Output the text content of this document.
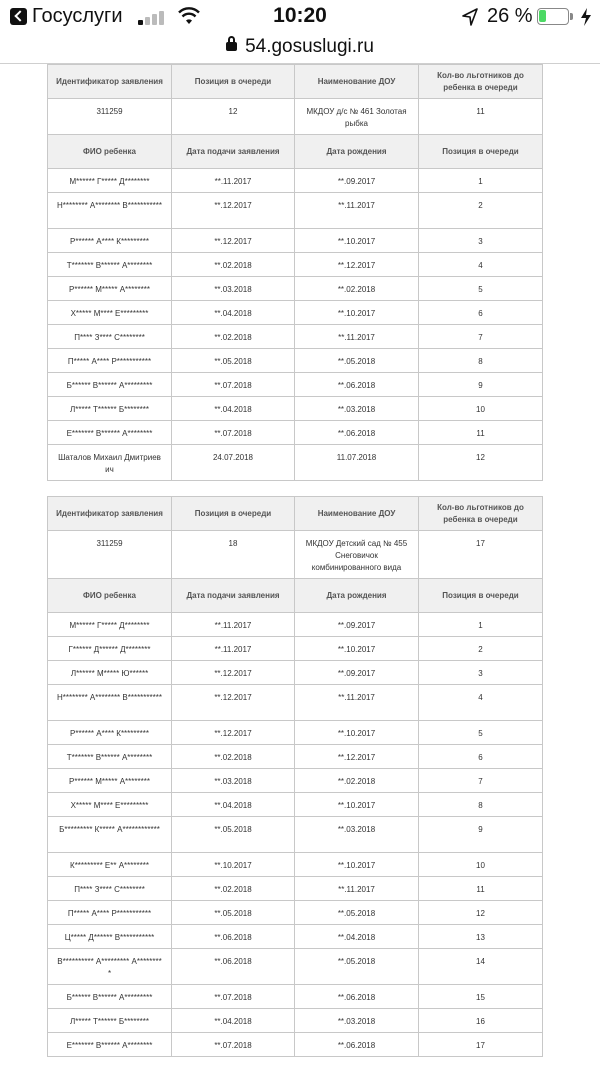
Госуслуги	10:20	26 %
54.gosuslugi.ru
Идентификатор заявления	Позиция в очереди	Наименование ДОУ	Кол-во льготников до ребенка в очереди
311259	12	МКДОУ д/с № 461 Золотая рыбка	11
ФИО ребенка	Дата подачи заявления	Дата рождения	Позиция в очереди
М****** Г***** Д********	**.11.2017	**.09.2017	1
Н******** А******** В***********	**.12.2017	**.11.2017	2
Р****** А**** К*********	**.12.2017	**.10.2017	3
Т******* В****** А********	**.02.2018	**.12.2017	4
Р****** М***** А********	**.03.2018	**.02.2018	5
Х***** М**** Е*********	**.04.2018	**.10.2017	6
П**** З**** С********	**.02.2018	**.11.2017	7
П***** А**** Р***********	**.05.2018	**.05.2018	8
Б****** В****** А*********	**.07.2018	**.06.2018	9
Л***** Т****** Б********	**.04.2018	**.03.2018	10
Е******* В****** А********	**.07.2018	**.06.2018	11
Шаталов Михаил Дмитриевич	24.07.2018	11.07.2018	12
Идентификатор заявления	Позиция в очереди	Наименование ДОУ	Кол-во льготников до ребенка в очереди
311259	18	МКДОУ Детский сад № 455 Снеговичок комбинированного вида	17
ФИО ребенка	Дата подачи заявления	Дата рождения	Позиция в очереди
М****** Г***** Д********	**.11.2017	**.09.2017	1
Г****** Д****** Д********	**.11.2017	**.10.2017	2
Л****** М***** Ю******	**.12.2017	**.09.2017	3
Н******** А******** В***********	**.12.2017	**.11.2017	4
Р****** А**** К*********	**.12.2017	**.10.2017	5
Т******* В****** А********	**.02.2018	**.12.2017	6
Р****** М***** А********	**.03.2018	**.02.2018	7
Х***** М**** Е*********	**.04.2018	**.10.2017	8
Б********* К***** А************	**.05.2018	**.03.2018	9
К********* Е** А********	**.10.2017	**.10.2017	10
П**** З**** С********	**.02.2018	**.11.2017	11
П***** А**** Р***********	**.05.2018	**.05.2018	12
Ц***** Д****** В***********	**.06.2018	**.04.2018	13
В********** А********* А*********	**.06.2018	**.05.2018	14
Б****** В****** А*********	**.07.2018	**.06.2018	15
Л***** Т****** Б********	**.04.2018	**.03.2018	16
Е******* В****** А********	**.07.2018	**.06.2018	17
